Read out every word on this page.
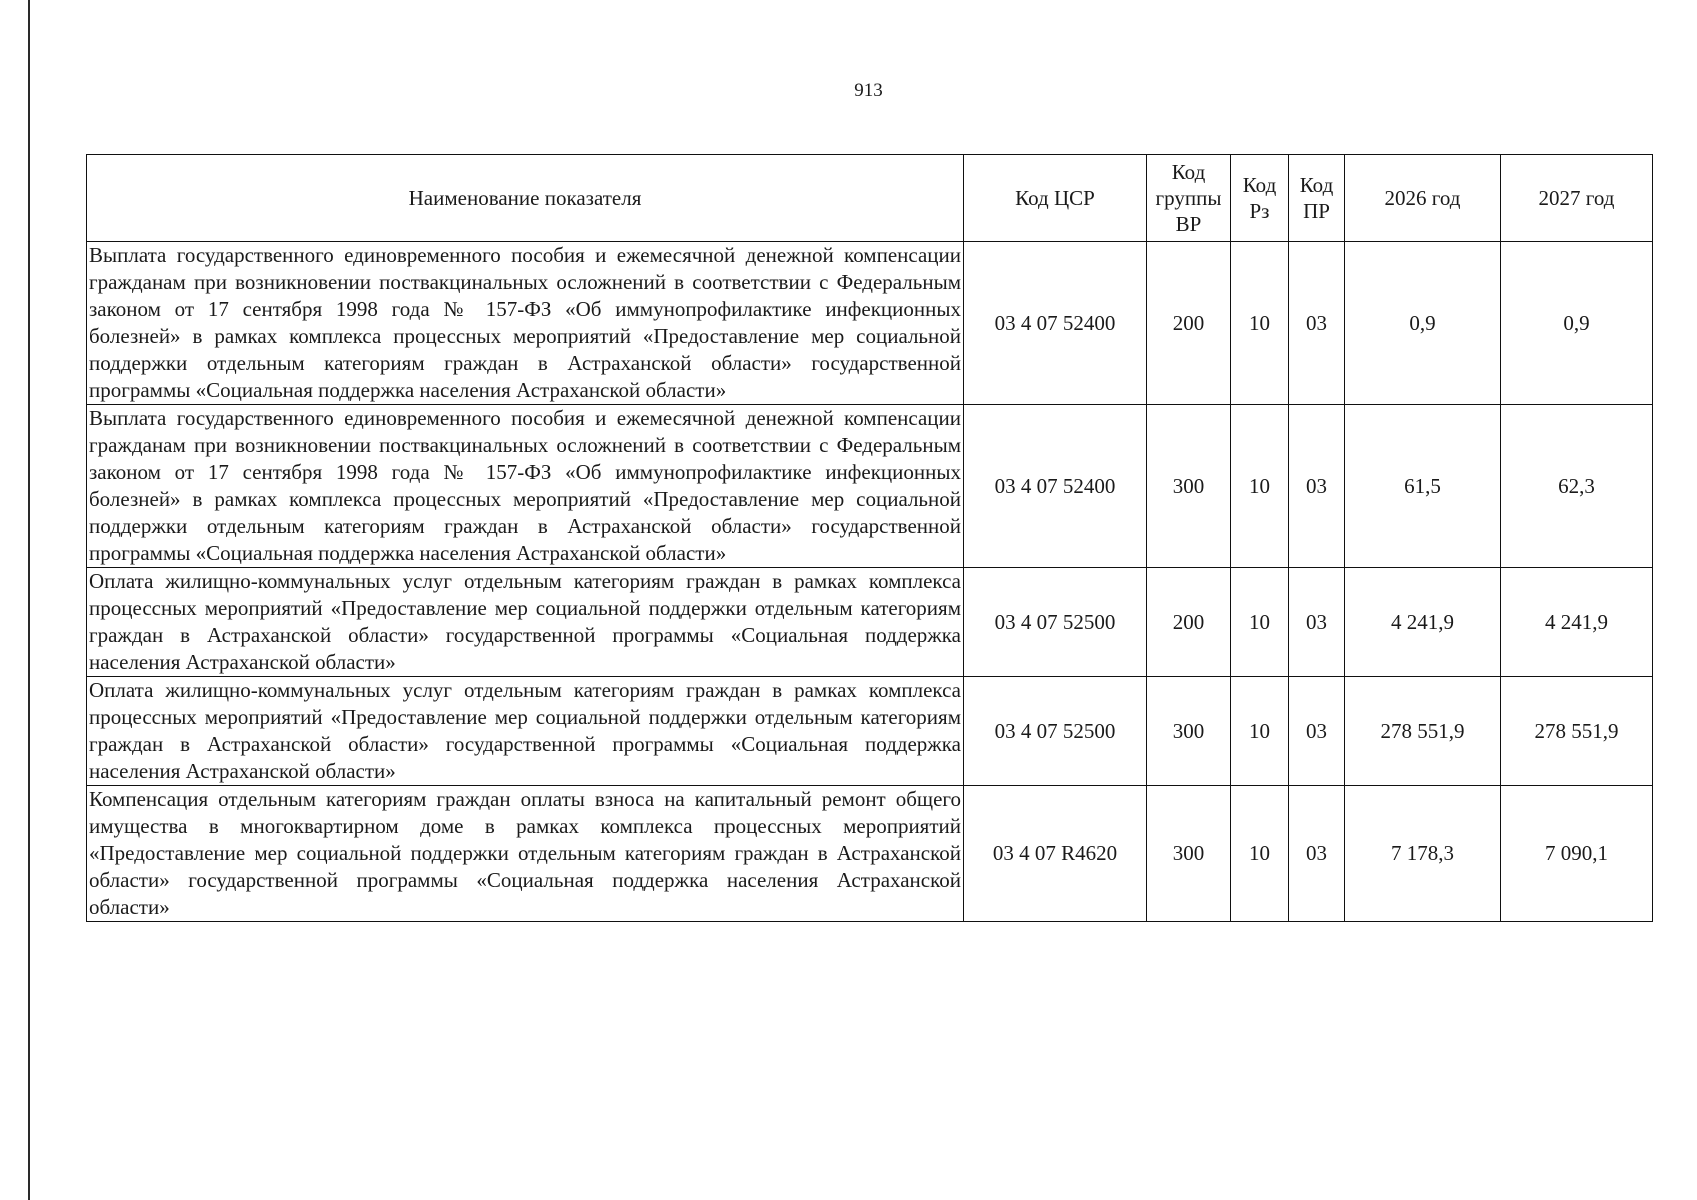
913
Наименование показателя	Код ЦСР	Код группы ВР	Код Рз	Код ПР	2026 год	2027 год
Выплата государственного единовременного пособия и ежемесячной денежной компенсации гражданам при возникновении поствакцинальных осложнений в соответствии с Федеральным законом от 17 сентября 1998 года № 157-ФЗ «Об иммунопрофилактике инфекционных болезней» в рамках комплекса процессных мероприятий «Предоставление мер социальной поддержки отдельным категориям граждан в Астраханской области» государственной программы «Социальная поддержка населения Астраханской области»	03 4 07 52400	200	10	03	0,9	0,9
Выплата государственного единовременного пособия и ежемесячной денежной компенсации гражданам при возникновении поствакцинальных осложнений в соответствии с Федеральным законом от 17 сентября 1998 года № 157-ФЗ «Об иммунопрофилактике инфекционных болезней» в рамках комплекса процессных мероприятий «Предоставление мер социальной поддержки отдельным категориям граждан в Астраханской области» государственной программы «Социальная поддержка населения Астраханской области»	03 4 07 52400	300	10	03	61,5	62,3
Оплата жилищно-коммунальных услуг отдельным категориям граждан в рамках комплекса процессных мероприятий «Предоставление мер социальной поддержки отдельным категориям граждан в Астраханской области» государственной программы «Социальная поддержка населения Астраханской области»	03 4 07 52500	200	10	03	4 241,9	4 241,9
Оплата жилищно-коммунальных услуг отдельным категориям граждан в рамках комплекса процессных мероприятий «Предоставление мер социальной поддержки отдельным категориям граждан в Астраханской области» государственной программы «Социальная поддержка населения Астраханской области»	03 4 07 52500	300	10	03	278 551,9	278 551,9
Компенсация отдельным категориям граждан оплаты взноса на капитальный ремонт общего имущества в многоквартирном доме в рамках комплекса процессных мероприятий «Предоставление мер социальной поддержки отдельным категориям граждан в Астраханской области» государственной программы «Социальная поддержка населения Астраханской области»	03 4 07 R4620	300	10	03	7 178,3	7 090,1
